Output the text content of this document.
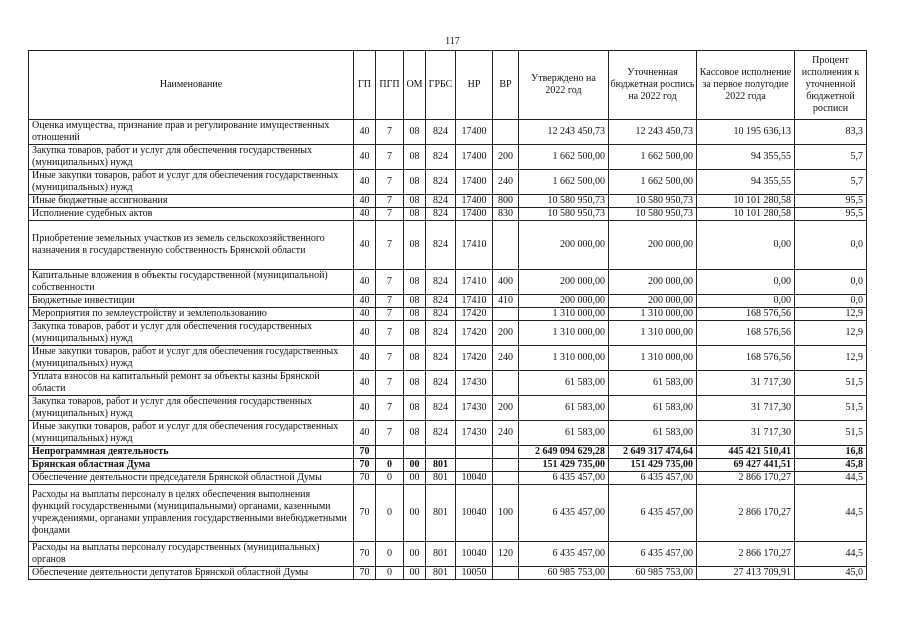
117
Наименование	ГП	ПГП	ОМ	ГРБС	НР	ВР	Утверждено на 2022 год	Уточненная бюджетная роспись на 2022 год	Кассовое исполнение за первое полугодие 2022 года	Процент исполнения к уточненной бюджетной росписи
Оценка имущества, признание прав и регулирование имущественных отношений	40	7	08	824	17400		12 243 450,73	12 243 450,73	10 195 636,13	83,3
Закупка товаров, работ и услуг для обеспечения государственных (муниципальных) нужд	40	7	08	824	17400	200	1 662 500,00	1 662 500,00	94 355,55	5,7
Иные закупки товаров, работ и услуг для обеспечения государственных (муниципальных) нужд	40	7	08	824	17400	240	1 662 500,00	1 662 500,00	94 355,55	5,7
Иные бюджетные ассигнования	40	7	08	824	17400	800	10 580 950,73	10 580 950,73	10 101 280,58	95,5
Исполнение судебных актов	40	7	08	824	17400	830	10 580 950,73	10 580 950,73	10 101 280,58	95,5
Приобретение земельных участков из земель сельскохозяйственного назначения в государственную собственность Брянской области	40	7	08	824	17410		200 000,00	200 000,00	0,00	0,0
Капитальные вложения в объекты государственной (муниципальной) собственности	40	7	08	824	17410	400	200 000,00	200 000,00	0,00	0,0
Бюджетные инвестиции	40	7	08	824	17410	410	200 000,00	200 000,00	0,00	0,0
Мероприятия по землеустройству и землепользованию	40	7	08	824	17420		1 310 000,00	1 310 000,00	168 576,56	12,9
Закупка товаров, работ и услуг для обеспечения государственных (муниципальных) нужд	40	7	08	824	17420	200	1 310 000,00	1 310 000,00	168 576,56	12,9
Иные закупки товаров, работ и услуг для обеспечения государственных (муниципальных) нужд	40	7	08	824	17420	240	1 310 000,00	1 310 000,00	168 576,56	12,9
Уплата взносов на капитальный ремонт за объекты казны Брянской области	40	7	08	824	17430		61 583,00	61 583,00	31 717,30	51,5
Закупка товаров, работ и услуг для обеспечения государственных (муниципальных) нужд	40	7	08	824	17430	200	61 583,00	61 583,00	31 717,30	51,5
Иные закупки товаров, работ и услуг для обеспечения государственных (муниципальных) нужд	40	7	08	824	17430	240	61 583,00	61 583,00	31 717,30	51,5
Непрограммная деятельность	70						2 649 094 629,28	2 649 317 474,64	445 421 510,41	16,8
Брянская областная Дума	70	0	00	801			151 429 735,00	151 429 735,00	69 427 441,51	45,8
Обеспечение деятельности председателя Брянской областной Думы	70	0	00	801	10040		6 435 457,00	6 435 457,00	2 866 170,27	44,5
Расходы на выплаты персоналу в целях обеспечения выполнения функций государственными (муниципальными) органами, казенными учреждениями, органами управления государственными внебюджетными фондами	70	0	00	801	10040	100	6 435 457,00	6 435 457,00	2 866 170,27	44,5
Расходы на выплаты персоналу государственных (муниципальных) органов	70	0	00	801	10040	120	6 435 457,00	6 435 457,00	2 866 170,27	44,5
Обеспечение деятельности депутатов Брянской областной Думы	70	0	00	801	10050		60 985 753,00	60 985 753,00	27 413 709,91	45,0
